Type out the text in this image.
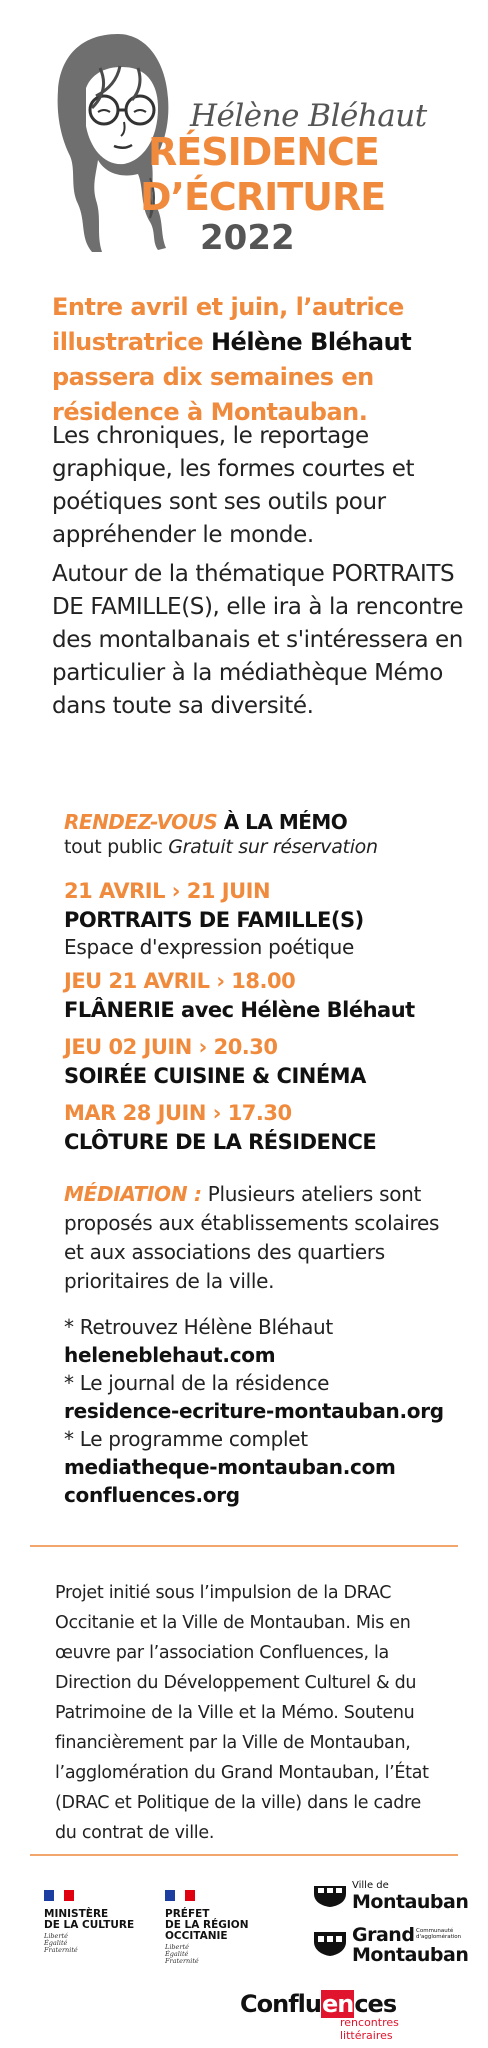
Hélène Bléhaut
RÉSIDENCE
D’ÉCRITURE
2022
Entre avril et juin, l’autrice illustratrice Hélène Bléhaut passera dix semaines en résidence à Montauban.
Les chroniques, le reportage graphique, les formes courtes et poétiques sont ses outils pour appréhender le monde.
Autour de la thématique PORTRAITS DE FAMILLE(S), elle ira à la rencontre des montalbanais et s'intéressera en particulier à la médiathèque Mémo dans toute sa diversité.
RENDEZ-VOUS À LA MÉMO
tout public Gratuit sur réservation
21 AVRIL › 21 JUIN
PORTRAITS DE FAMILLE(S)
Espace d'expression poétique
JEU 21 AVRIL › 18.00
FLÂNERIE avec Hélène Bléhaut
JEU 02 JUIN › 20.30
SOIRÉE CUISINE & CINÉMA
MAR 28 JUIN › 17.30
CLÔTURE DE LA RÉSIDENCE
MÉDIATION : Plusieurs ateliers sont proposés aux établissements scolaires et aux associations des quartiers prioritaires de la ville.
* Retrouvez Hélène Bléhaut
heleneblehaut.com
* Le journal de la résidence
residence-ecriture-montauban.org
* Le programme complet
mediatheque-montauban.com
confluences.org
Projet initié sous l’impulsion de la DRAC Occitanie et la Ville de Montauban. Mis en œuvre par l’association Confluences, la Direction du Développement Culturel & du Patrimoine de la Ville et la Mémo. Soutenu financièrement par la Ville de Montauban, l’agglomération du Grand Montauban, l’État (DRAC et Politique de la ville) dans le cadre du contrat de ville.
MINISTÈRE
DE LA CULTURE
Liberté
Égalité
Fraternité
PRÉFET
DE LA RÉGION
OCCITANIE
Liberté
Égalité
Fraternité
Ville de
Montauban
Grand
Montauban
Communauté
d'agglomération
Confluences
rencontres littéraires
